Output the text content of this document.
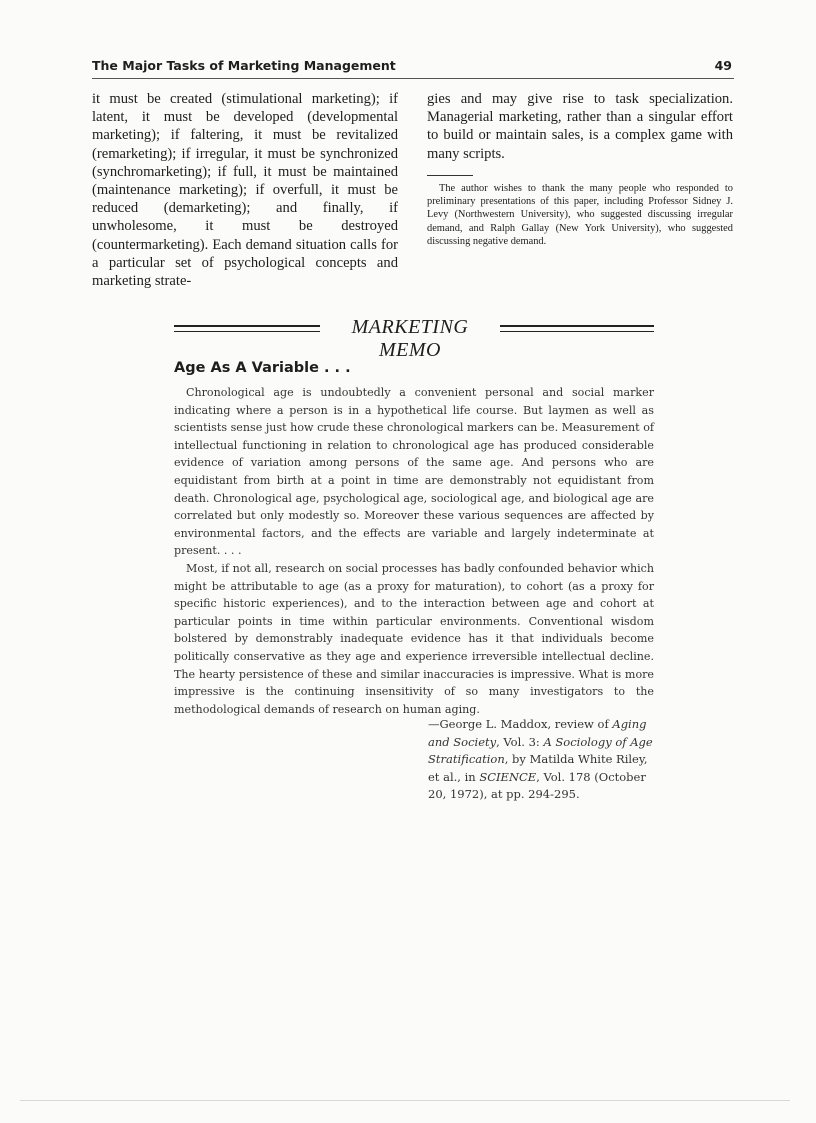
The Major Tasks of Marketing Management	49
it must be created (stimulational marketing); if latent, it must be developed (developmental marketing); if faltering, it must be revitalized (remarketing); if irregular, it must be synchronized (synchromarketing); if full, it must be maintained (maintenance marketing); if overfull, it must be reduced (demarketing); and finally, if unwholesome, it must be destroyed (countermarketing). Each demand situation calls for a particular set of psychological concepts and marketing strate-
gies and may give rise to task specialization. Managerial marketing, rather than a singular effort to build or maintain sales, is a complex game with many scripts.
The author wishes to thank the many people who responded to preliminary presentations of this paper, including Professor Sidney J. Levy (Northwestern University), who suggested discussing irregular demand, and Ralph Gallay (New York University), who suggested discussing negative demand.
MARKETING MEMO
Age As A Variable . . .

Chronological age is undoubtedly a convenient personal and social marker indicating where a person is in a hypothetical life course. But laymen as well as scientists sense just how crude these chronological markers can be. Measurement of intellectual functioning in relation to chronological age has produced considerable evidence of variation among persons of the same age. And persons who are equidistant from birth at a point in time are demonstrably not equidistant from death. Chronological age, psychological age, sociological age, and biological age are correlated but only modestly so. Moreover these various sequences are affected by environmental factors, and the effects are variable and largely indeterminate at present. . . .

Most, if not all, research on social processes has badly confounded behavior which might be attributable to age (as a proxy for maturation), to cohort (as a proxy for specific historic experiences), and to the interaction between age and cohort at particular points in time within particular environments. Conventional wisdom bolstered by demonstrably inadequate evidence has it that individuals become politically conservative as they age and experience irreversible intellectual decline. The hearty persistence of these and similar inaccuracies is impressive. What is more impressive is the continuing insensitivity of so many investigators to the methodological demands of research on human aging.

—George L. Maddox, review of Aging and Society, Vol. 3: A Sociology of Age Stratification, by Matilda White Riley, et al., in SCIENCE, Vol. 178 (October 20, 1972), at pp. 294-295.
